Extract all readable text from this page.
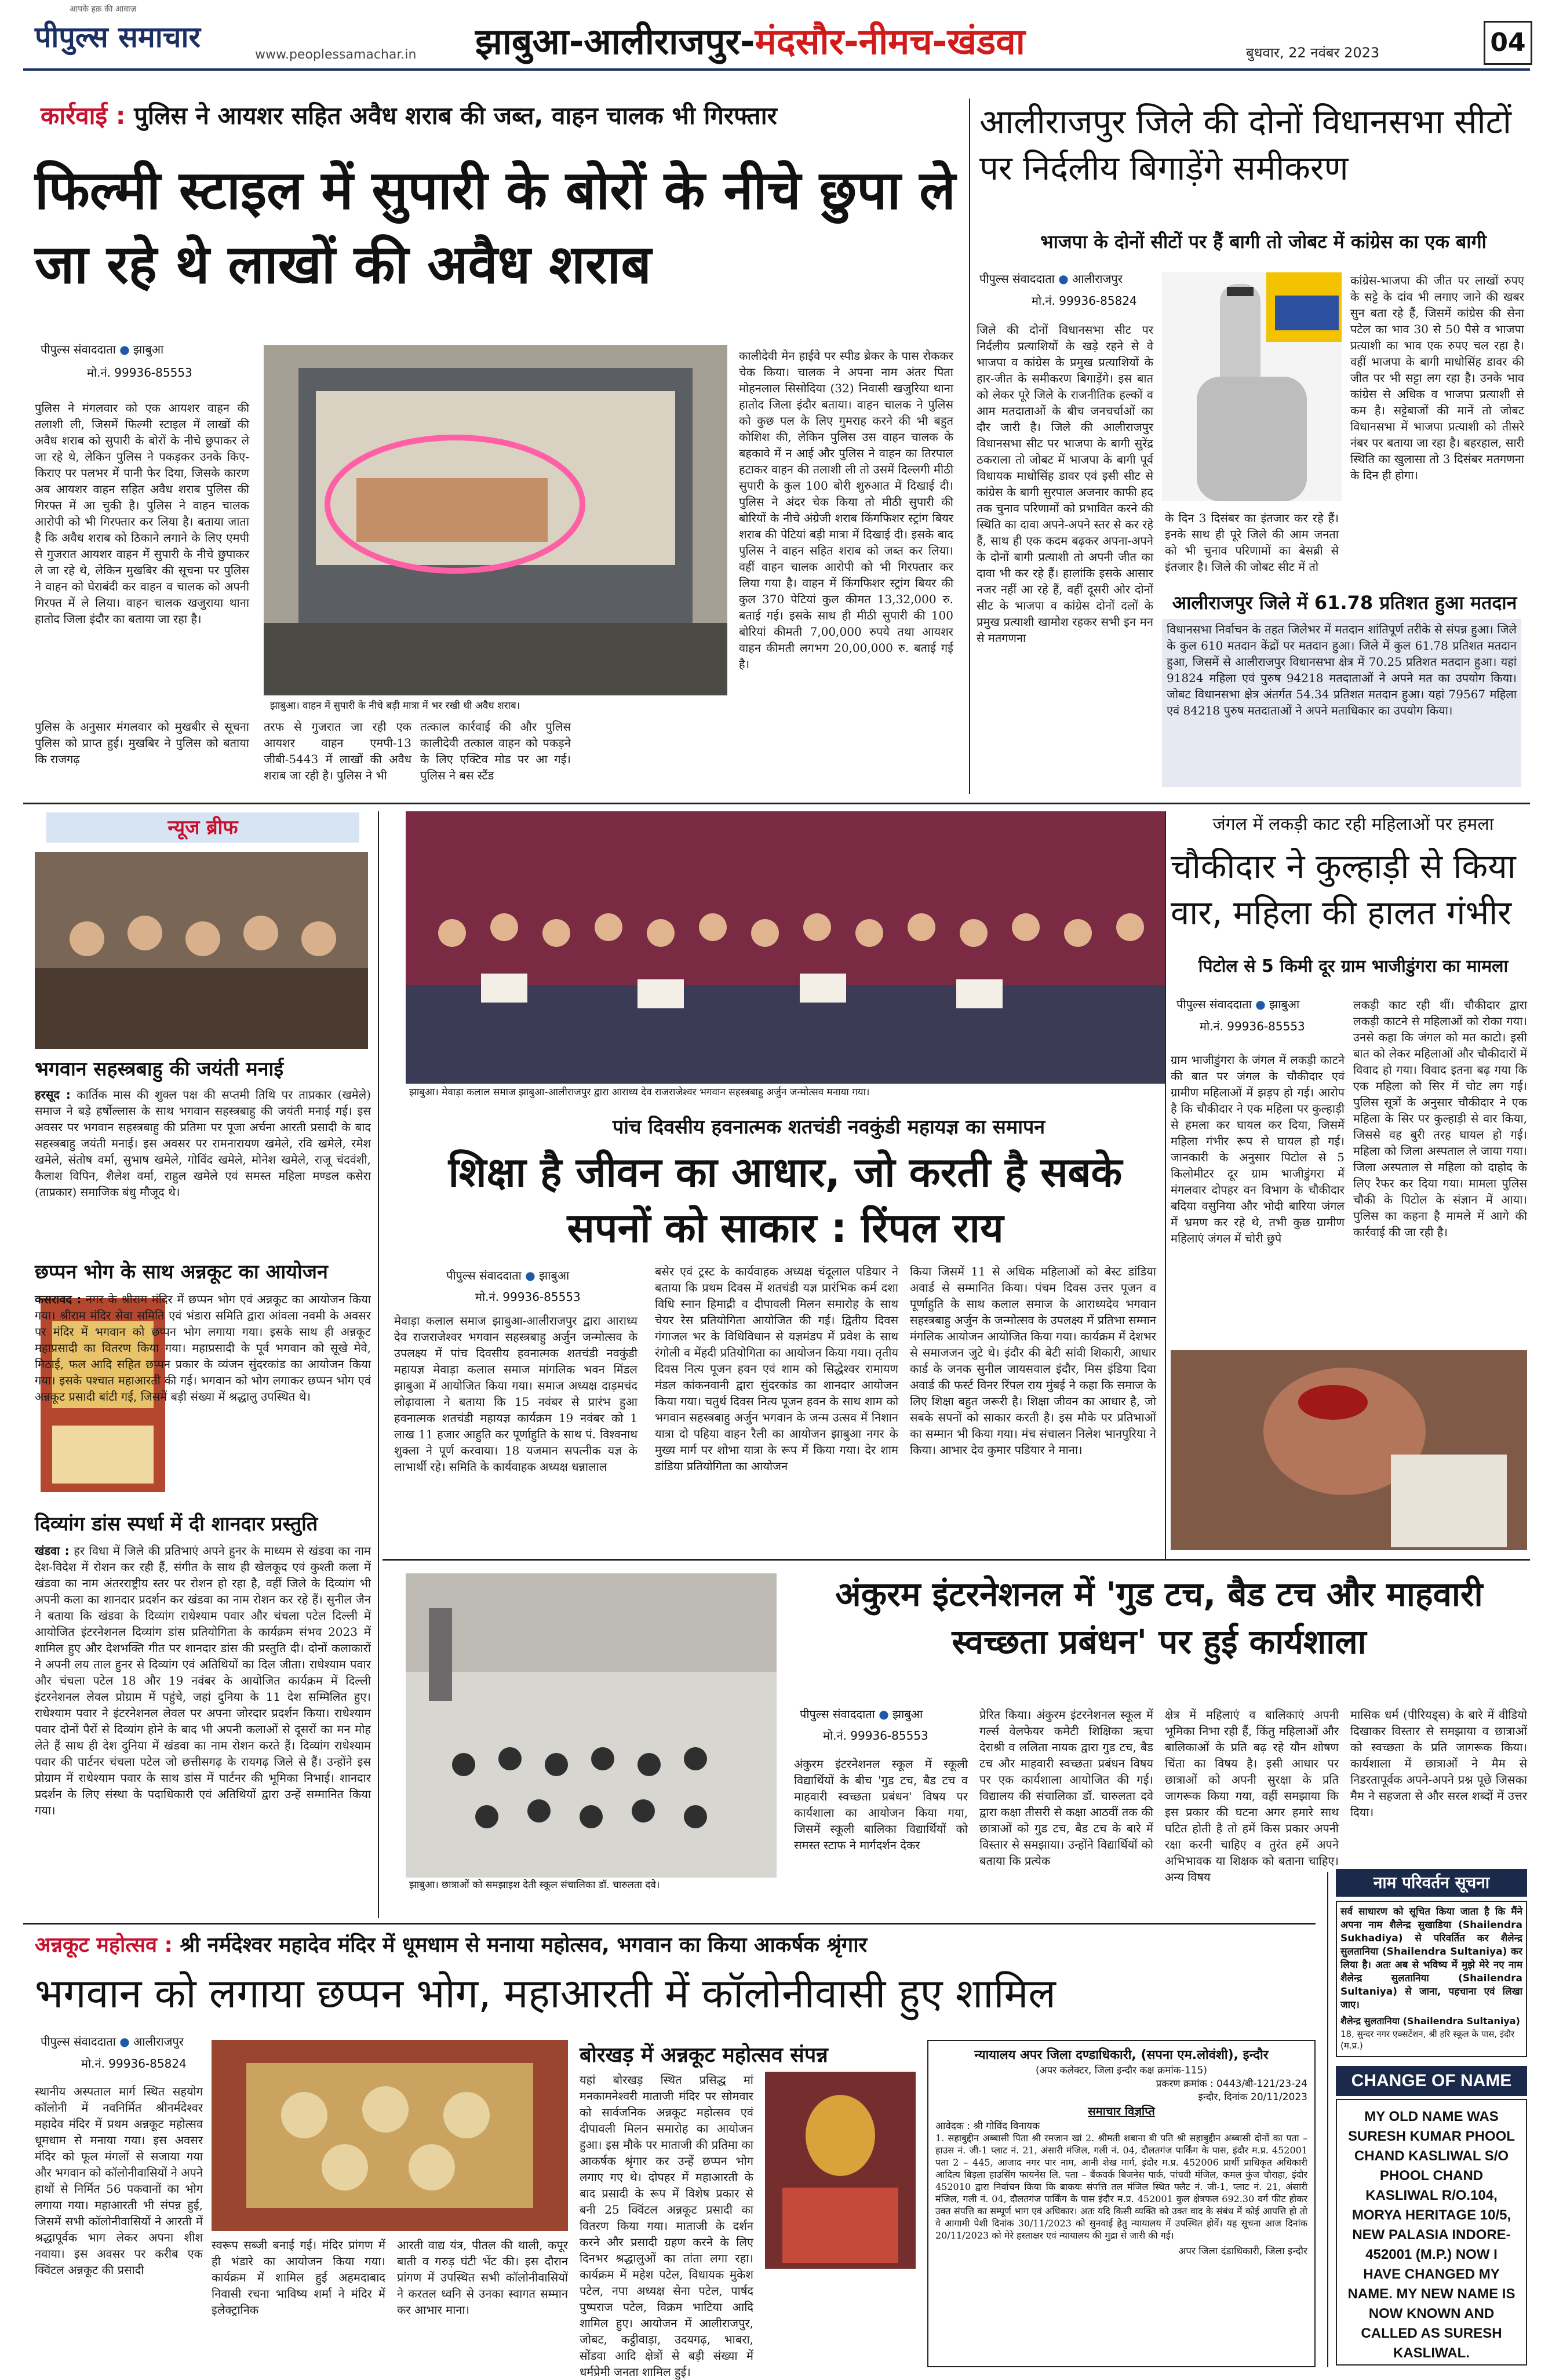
आपके हक़ की आवाज़
पीपुल्स समाचार
www.peoplessamachar.in झाबुआ-आलीराजपुर-मंदसौर-नीमच-खंडवा	बुधवार, 22 नवंबर 2023	04
कार्रवाई : पुलिस ने आयशर सहित अवैध शराब की जब्त, वाहन चालक भी गिरफ्तार
फिल्मी स्टाइल में सुपारी के बोरों के नीचे छुपा ले जा रहे थे लाखों की अवैध शराब
पीपुल्स संवाददाता ● झाबुआ
मो.नं. 99936-85553
पुलिस ने मंगलवार को एक आयशर वाहन की तलाशी ली, जिसमें फिल्मी स्टाइल में लाखों की अवैध शराब को सुपारी के बोरों के नीचे छुपाकर ले जा रहे थे, लेकिन पुलिस ने पकड़कर उनके किए-किराए पर पलभर में पानी फेर दिया, जिसके कारण अब आयशर वाहन सहित अवैध शराब पुलिस की गिरफ्त में आ चुकी है। पुलिस ने वाहन चालक आरोपी को भी गिरफ्तार कर लिया है। बताया जाता है कि अवैध शराब को ठिकाने लगाने के लिए एमपी से गुजरात आयशर वाहन में सुपारी के नीचे छुपाकर ले जा रहे थे, लेकिन मुखबिर की सूचना पर पुलिस ने वाहन को घेराबंदी कर वाहन व चालक को अपनी गिरफ्त में ले लिया। वाहन चालक खजुराया थाना हातोद जिला इंदौर का बताया जा रहा है।
पुलिस के अनुसार मंगलवार को मुखबीर से सूचना पुलिस को प्राप्त हुई। मुखबिर ने पुलिस को बताया कि राजगढ़
झाबुआ। वाहन में सुपारी के नीचे बड़ी मात्रा में भर रखी थी अवैध शराब।
तरफ से गुजरात जा रही एक आयशर वाहन एमपी-13 जीबी-5443 में लाखों की अवैध शराब जा रही है। पुलिस ने भी
तत्काल कार्रवाई की और पुलिस कालीदेवी तत्काल वाहन को पकड़ने के लिए एक्टिव मोड पर आ गई। पुलिस ने बस स्टैंड
कालीदेवी मेन हाईवे पर स्पीड ब्रेकर के पास रोककर चेक किया। चालक ने अपना नाम अंतर पिता मोहनलाल सिसोदिया (32) निवासी खजुरिया थाना हातोद जिला इंदौर बताया। वाहन चालक ने पुलिस को कुछ पल के लिए गुमराह करने की भी बहुत कोशिश की, लेकिन पुलिस उस वाहन चालक के बहकावे में न आई और पुलिस ने वाहन का तिरपाल हटाकर वाहन की तलाशी ली तो उसमें दिल्लगी मीठी सुपारी के कुल 100 बोरी शुरुआत में दिखाई दी। पुलिस ने अंदर चेक किया तो मीठी सुपारी की बोरियों के नीचे अंग्रेजी शराब किंगफिशर स्ट्रांग बियर शराब की पेटियां बड़ी मात्रा में दिखाई दी। इसके बाद पुलिस ने वाहन सहित शराब को जब्त कर लिया। वहीं वाहन चालक आरोपी को भी गिरफ्तार कर लिया गया है। वाहन में किंगफिशर स्ट्रांग बियर की कुल 370 पेटियां कुल कीमत 13,32,000 रु. बताई गई। इसके साथ ही मीठी सुपारी की 100 बोरियां कीमती 7,00,000 रुपये तथा आयशर वाहन कीमती लगभग 20,00,000 रु. बताई गई है।
आलीराजपुर जिले की दोनों विधानसभा सीटों पर निर्दलीय बिगाड़ेंगे समीकरण
भाजपा के दोनों सीटों पर हैं बागी तो जोबट में कांग्रेस का एक बागी
पीपुल्स संवाददाता ● आलीराजपुर
मो.नं. 99936-85824
जिले की दोनों विधानसभा सीट पर निर्दलीय प्रत्याशियों के खड़े रहने से वे भाजपा व कांग्रेस के प्रमुख प्रत्याशियों के हार-जीत के समीकरण बिगाड़ेंगे। इस बात को लेकर पूरे जिले के राजनीतिक हल्कों व आम मतदाताओं के बीच जनचर्चाओं का दौर जारी है। जिले की आलीराजपुर विधानसभा सीट पर भाजपा के बागी सुरेंद्र ठकराला तो जोबट में भाजपा के बागी पूर्व विधायक माधोसिंह डावर एवं इसी सीट से कांग्रेस के बागी सुरपाल अजनार काफी हद तक चुनाव परिणामों को प्रभावित करने की स्थिति का दावा अपने-अपने स्तर से कर रहे हैं, साथ ही एक कदम बढ़कर अपना-अपने के दोनों बागी प्रत्याशी तो अपनी जीत का दावा भी कर रहे हैं। हालांकि इसके आसार नजर नहीं आ रहे हैं, वहीं दूसरी ओर दोनों सीट के भाजपा व कांग्रेस दोनों दलों के प्रमुख प्रत्याशी खामोश रहकर सभी इन मन से मतगणना
के दिन 3 दिसंबर का इंतजार कर रहे हैं। इनके साथ ही पूरे जिले की आम जनता को भी चुनाव परिणामों का बेसब्री से इंतजार है। जिले की जोबट सीट में तो
कांग्रेस-भाजपा की जीत पर लाखों रुपए के सट्टे के दांव भी लगाए जाने की खबर सुन बता रहे हैं, जिसमें कांग्रेस की सेना पटेल का भाव 30 से 50 पैसे व भाजपा प्रत्याशी का भाव एक रुपए चल रहा है। वहीं भाजपा के बागी माधोसिंह डावर की जीत पर भी सट्टा लग रहा है। उनके भाव कांग्रेस से अधिक व भाजपा प्रत्याशी से कम है। सट्टेबाजों की मानें तो जोबट विधानसभा में भाजपा प्रत्याशी को तीसरे नंबर पर बताया जा रहा है। बहरहाल, सारी स्थिति का खुलासा तो 3 दिसंबर मतगणना के दिन ही होगा।
आलीराजपुर जिले में 61.78 प्रतिशत हुआ मतदान
विधानसभा निर्वाचन के तहत जिलेभर में मतदान शांतिपूर्ण तरीके से संपन्न हुआ। जिले के कुल 610 मतदान केंद्रों पर मतदान हुआ। जिले में कुल 61.78 प्रतिशत मतदान हुआ, जिसमें से आलीराजपुर विधानसभा क्षेत्र में 70.25 प्रतिशत मतदान हुआ। यहां 91824 महिला एवं पुरुष 94218 मतदाताओं ने अपने मत का उपयोग किया। जोबट विधानसभा क्षेत्र अंतर्गत 54.34 प्रतिशत मतदान हुआ। यहां 79567 महिला एवं 84218 पुरुष मतदाताओं ने अपने मताधिकार का उपयोग किया।
न्यूज ब्रीफ
भगवान सहस्त्रबाहु की जयंती मनाई
हरसूद : कार्तिक मास की शुक्ल पक्ष की सप्तमी तिथि पर ताप्रकार (खमेले) समाज ने बड़े हर्षोल्लास के साथ भगवान सहस्त्रबाहु की जयंती मनाई गई। इस अवसर पर भगवान सहस्त्रबाहु की प्रतिमा पर पूजा अर्चना आरती प्रसादी के बाद सहस्त्रबाहु जयंती मनाई। इस अवसर पर रामनारायण खमेले, रवि खमेले, रमेश खमेले, संतोष वर्मा, सुभाष खमेले, गोविंद खमेले, मोनेश खमेले, राजू चंदवंशी, कैलाश विपिन, शैलेश वर्मा, राहुल खमेले एवं समस्त महिला मण्डल कसेरा (ताप्रकार) समाजिक बंधु मौजूद थे।
छप्पन भोग के साथ अन्नकूट का आयोजन
कसरावद : नगर के श्रीराम मंदिर में छप्पन भोग एवं अन्नकूट का आयोजन किया गया। श्रीराम मंदिर सेवा समिति एवं भंडारा समिति द्वारा आंवला नवमी के अवसर पर मंदिर में भगवान को छप्पन भोग लगाया गया। इसके साथ ही अन्नकूट महाप्रसादी का वितरण किया गया। महाप्रसादी के पूर्व भगवान को सूखे मेवे, मिठाई, फल आदि सहित छप्पन प्रकार के व्यंजन सुंदरकांड का आयोजन किया गया। इसके पश्चात महाआरती की गई। भगवान को भोग लगाकर छप्पन भोग एवं अन्नकूट प्रसादी बांटी गई, जिसमें बड़ी संख्या में श्रद्धालु उपस्थित थे।
दिव्यांग डांस स्पर्धा में दी शानदार प्रस्तुति
खंडवा : हर विधा में जिले की प्रतिभाएं अपने हुनर के माध्यम से खंडवा का नाम देश-विदेश में रोशन कर रही हैं, संगीत के साथ ही खेलकूद एवं कुश्ती कला में खंडवा का नाम अंतरराष्ट्रीय स्तर पर रोशन हो रहा है, वहीं जिले के दिव्यांग भी अपनी कला का शानदार प्रदर्शन कर खंडवा का नाम रोशन कर रहे हैं। सुनील जैन ने बताया कि खंडवा के दिव्यांग राधेश्याम पवार और चंचला पटेल दिल्ली में आयोजित इंटरनेशनल दिव्यांग डांस प्रतियोगिता के कार्यक्रम संभव 2023 में शामिल हुए और देशभक्ति गीत पर शानदार डांस की प्रस्तुति दी। दोनों कलाकारों ने अपनी लय ताल हुनर से दिव्यांग एवं अतिथियों का दिल जीता। राधेश्याम पवार और चंचला पटेल 18 और 19 नवंबर के आयोजित कार्यक्रम में दिल्ली इंटरनेशनल लेवल प्रोग्राम में पहुंचे, जहां दुनिया के 11 देश सम्मिलित हुए। राधेश्याम पवार ने इंटरनेशनल लेवल पर अपना जोरदार प्रदर्शन किया। राधेश्याम पवार दोनों पैरों से दिव्यांग होने के बाद भी अपनी कलाओं से दूसरों का मन मोह लेते हैं साथ ही देश दुनिया में खंडवा का नाम रोशन करते हैं। दिव्यांग राधेश्याम पवार की पार्टनर चंचला पटेल जो छत्तीसगढ़ के रायगढ़ जिले से हैं। उन्होंने इस प्रोग्राम में राधेश्याम पवार के साथ डांस में पार्टनर की भूमिका निभाई। शानदार प्रदर्शन के लिए संस्था के पदाधिकारी एवं अतिथियों द्वारा उन्हें सम्मानित किया गया।
झाबुआ। मेवाड़ा कलाल समाज झाबुआ-आलीराजपुर द्वारा आराध्य देव राजराजेश्वर भगवान सहस्त्रबाहु अर्जुन जन्मोत्सव मनाया गया।
पांच दिवसीय हवनात्मक शतचंडी नवकुंडी महायज्ञ का समापन
शिक्षा है जीवन का आधार, जो करती है सबके सपनों को साकार : रिंपल राय
पीपुल्स संवाददाता ● झाबुआ
मो.नं. 99936-85553
मेवाड़ा कलाल समाज झाबुआ-आलीराजपुर द्वारा आराध्य देव राजराजेश्वर भगवान सहस्त्रबाहु अर्जुन जन्मोत्सव के उपलक्ष्य में पांच दिवसीय हवनात्मक शतचंडी नवकुंडी महायज्ञ मेवाड़ा कलाल समाज मांगलिक भवन मिंडल झाबुआ में आयोजित किया गया। समाज अध्यक्ष दाड़मचंद लोढ़ावाला ने बताया कि 15 नवंबर से प्रारंभ हुआ हवनात्मक शतचंडी महायज्ञ कार्यक्रम 19 नवंबर को 1 लाख 11 हजार आहुति कर पूर्णाहुति के साथ पं. विश्वनाथ शुक्ला ने पूर्ण करवाया। 18 यजमान सपत्नीक यज्ञ के लाभार्थी रहे। समिति के कार्यवाहक अध्यक्ष धन्नालाल
बसेर एवं ट्रस्ट के कार्यवाहक अध्यक्ष चंदूलाल पडियार ने बताया कि प्रथम दिवस में शतचंडी यज्ञ प्रारंभिक कर्म दशा विधि स्नान हिमाद्री व दीपावली मिलन समारोह के साथ चेयर रेस प्रतियोगिता आयोजित की गई। द्वितीय दिवस गंगाजल भर के विधिविधान से यज्ञमंडप में प्रवेश के साथ रंगोली व मेंहदी प्रतियोगिता का आयोजन किया गया। तृतीय दिवस नित्य पूजन हवन एवं शाम को सिद्धेश्वर रामायण मंडल कांकनवानी द्वारा सुंदरकांड का शानदार आयोजन किया गया। चतुर्थ दिवस नित्य पूजन हवन के साथ शाम को भगवान सहस्त्रबाहु अर्जुन भगवान के जन्म उत्सव में निशान यात्रा दो पहिया वाहन रैली का आयोजन झाबुआ नगर के मुख्य मार्ग पर शोभा यात्रा के रूप में किया गया। देर शाम डांडिया प्रतियोगिता का आयोजन
किया जिसमें 11 से अधिक महिलाओं को बेस्ट डांडिया अवार्ड से सम्मानित किया। पंचम दिवस उत्तर पूजन व पूर्णाहुति के साथ कलाल समाज के आराध्यदेव भगवान सहस्त्रबाहु अर्जुन के जन्मोत्सव के उपलक्ष्य में प्रतिभा सम्मान मंगलिक आयोजन आयोजित किया गया। कार्यक्रम में देशभर से समाजजन जुटे थे। इंदौर की बेटी सांवी शिकारी, आधार कार्ड के जनक सुनील जायसवाल इंदौर, मिस इंडिया दिवा अवार्ड की फर्स्ट विनर रिंपल राय मुंबई ने कहा कि समाज के लिए शिक्षा बहुत जरूरी है। शिक्षा जीवन का आधार है, जो सबके सपनों को साकार करती है। इस मौके पर प्रतिभाओं का सम्मान भी किया गया। मंच संचालन निलेश भानपुरिया ने किया। आभार देव कुमार पडियार ने माना।
जंगल में लकड़ी काट रही महिलाओं पर हमला
चौकीदार ने कुल्हाड़ी से किया वार, महिला की हालत गंभीर
पिटोल से 5 किमी दूर ग्राम भाजीडुंगरा का मामला
पीपुल्स संवाददाता ● झाबुआ
मो.नं. 99936-85553
ग्राम भाजीडुंगरा के जंगल में लकड़ी काटने की बात पर जंगल के चौकीदार एवं ग्रामीण महिलाओं में झड़प हो गई। आरोप है कि चौकीदार ने एक महिला पर कुल्हाड़ी से हमला कर घायल कर दिया, जिसमें महिला गंभीर रूप से घायल हो गई। जानकारी के अनुसार पिटोल से 5 किलोमीटर दूर ग्राम भाजीडुंगरा में मंगलवार दोपहर वन विभाग के चौकीदार बदिया वसुनिया और भोदी बारिया जंगल में भ्रमण कर रहे थे, तभी कुछ ग्रामीण महिलाएं जंगल में चोरी छुपे
लकड़ी काट रही थीं। चौकीदार द्वारा लकड़ी काटने से महिलाओं को रोका गया। उनसे कहा कि जंगल को मत काटो। इसी बात को लेकर महिलाओं और चौकीदारों में विवाद हो गया। विवाद इतना बढ़ गया कि एक महिला को सिर में चोट लग गई। पुलिस सूत्रों के अनुसार चौकीदार ने एक महिला के सिर पर कुल्हाड़ी से वार किया, जिससे वह बुरी तरह घायल हो गई। महिला को जिला अस्पताल ले जाया गया। जिला अस्पताल से महिला को दाहोद के लिए रैफर कर दिया गया। मामला पुलिस चौकी के पिटोल के संज्ञान में आया। पुलिस का कहना है मामले में आगे की कार्रवाई की जा रही है।
झाबुआ। छात्राओं को समझाइश देती स्कूल संचालिका डॉ. चारुलता दवे।
अंकुरम इंटरनेशनल में 'गुड टच, बैड टच और माहवारी स्वच्छता प्रबंधन' पर हुई कार्यशाला
पीपुल्स संवाददाता ● झाबुआ
मो.नं. 99936-85553
अंकुरम इंटरनेशनल स्कूल में स्कूली विद्यार्थियों के बीच 'गुड टच, बैड टच व माहवारी स्वच्छता प्रबंधन' विषय पर कार्यशाला का आयोजन किया गया, जिसमें स्कूली बालिका विद्यार्थियों को समस्त स्टाफ ने मार्गदर्शन देकर
प्रेरित किया। अंकुरम इंटरनेशनल स्कूल में गर्ल्स वेलफेयर कमेटी शिक्षिका ऋचा देराश्री व ललिता नायक द्वारा गुड टच, बैड टच और माहवारी स्वच्छता प्रबंधन विषय पर एक कार्यशाला आयोजित की गई। विद्यालय की संचालिका डॉ. चारुलता दवे द्वारा कक्षा तीसरी से कक्षा आठवीं तक की छात्राओं को गुड टच, बैड टच के बारे में विस्तार से समझाया। उन्होंने विद्यार्थियों को बताया कि प्रत्येक
क्षेत्र में महिलाएं व बालिकाएं अपनी भूमिका निभा रही हैं, किंतु महिलाओं और बालिकाओं के प्रति बढ़ रहे यौन शोषण चिंता का विषय है। इसी आधार पर छात्राओं को अपनी सुरक्षा के प्रति जागरूक किया गया, वहीं समझाया कि इस प्रकार की घटना अगर हमारे साथ घटित होती है तो हमें किस प्रकार अपनी रक्षा करनी चाहिए व तुरंत हमें अपने अभिभावक या शिक्षक को बताना चाहिए। अन्य विषय
मासिक धर्म (पीरियड्स) के बारे में वीडियो दिखाकर विस्तार से समझाया व छात्राओं को स्वच्छता के प्रति जागरूक किया। कार्यशाला में छात्राओं ने मैम से निडरतापूर्वक अपने-अपने प्रश्न पूछे जिसका मैम ने सहजता से और सरल शब्दों में उत्तर दिया।
अन्नकूट महोत्सव : श्री नर्मदेश्वर महादेव मंदिर में धूमधाम से मनाया महोत्सव, भगवान का किया आकर्षक श्रृंगार
भगवान को लगाया छप्पन भोग, महाआरती में कॉलोनीवासी हुए शामिल
पीपुल्स संवाददाता ● आलीराजपुर
मो.नं. 99936-85824
स्थानीय अस्पताल मार्ग स्थित सहयोग कॉलोनी में नवनिर्मित श्रीनर्मदेश्वर महादेव मंदिर में प्रथम अन्नकूट महोत्सव धूमधाम से मनाया गया। इस अवसर मंदिर को फूल मंगलों से सजाया गया और भगवान को कॉलोनीवासियों ने अपने हाथों से निर्मित 56 पकवानों का भोग लगाया गया। महाआरती भी संपन्न हुई, जिसमें सभी कॉलोनीवासियों ने आरती में श्रद्धापूर्वक भाग लेकर अपना शीश नवाया। इस अवसर पर करीब एक क्विंटल अन्नकूट की प्रसादी
स्वरूप सब्जी बनाई गई। मंदिर प्रांगण में ही भंडारे का आयोजन किया गया। कार्यक्रम में शामिल हुई अहमदाबाद निवासी रचना भाविष्य शर्मा ने मंदिर में इलेक्ट्रानिक
आरती वाद्य यंत्र, पीतल की थाली, कपूर बाती व गरुड़ घंटी भेंट की। इस दौरान प्रांगण में उपस्थित सभी कॉलोनीवासियों ने करतल ध्वनि से उनका स्वागत सम्मान कर आभार माना।
बोरखड़ में अन्नकूट महोत्सव संपन्न
यहां बोरखड़ स्थित प्रसिद्ध मां मनकामनेश्वरी माताजी मंदिर पर सोमवार को सार्वजनिक अन्नकूट महोत्सव एवं दीपावली मिलन समारोह का आयोजन हुआ। इस मौके पर माताजी की प्रतिमा का आकर्षक श्रृंगार कर उन्हें छप्पन भोग लगाए गए थे। दोपहर में महाआरती के बाद प्रसादी के रूप में विशेष प्रकार से बनी 25 क्विंटल अन्नकूट प्रसादी का वितरण किया गया। माताजी के दर्शन करने और प्रसादी ग्रहण करने के लिए दिनभर श्रद्धालुओं का तांता लगा रहा। कार्यक्रम में महेश पटेल, विधायक मुकेश पटेल, नपा अध्यक्ष सेना पटेल, पार्षद पुष्पराज पटेल, विक्रम भाटिया आदि शामिल हुए। आयोजन में आलीराजपुर, जोबट, कट्ठीवाड़ा, उदयगढ़, भाबरा, सोंडवा आदि क्षेत्रों से बड़ी संख्या में धर्मप्रेमी जनता शामिल हुई।
न्यायालय अपर जिला दण्डाधिकारी, (सपना एम.लोवंशी), इन्दौर
(अपर कलेक्टर, जिला इन्दौर कक्ष क्रमांक-115)
प्रकरण क्रमांक : 0443/बी-121/23-24
इन्दौर, दिनांक 20/11/2023
समाचार विज्ञप्ति
आवेदक : श्री गोविंद विनायक
1. सहाबुद्दीन अब्बासी पिता श्री रमजान खां 2. श्रीमती शबाना बी पति श्री सहाबुद्दीन अब्बासी दोनों का पता – हाउस नं. जी-1 प्लाट नं. 21, अंसारी मंजिल, गली नं. 04, दौलतगंज पार्किंग के पास, इंदौर म.प्र. 452001 पता 2 – 445, आजाद नगर पार नाम, आनी शेख मार्ग, इंदौर म.प्र. 452006 प्रार्थी प्राधिकृत अधिकारी आदित्य बिड़ला हाउसिंग फायनेंस लि. पता – बैंकवर्क बिजनेस पार्क, पांचवी मंजिल, कमल कुंज चौराहा, इंदौर 452010 द्वारा निर्वाचन किया कि बाकयः संपत्ति तल मंजिल स्थित फ्लैट नं. जी-1, प्लाट नं. 21, अंसारी मंजिल, गली नं. 04, दौलतगंज पार्किंग के पास इंदौर म.प्र. 452001 कुल क्षेत्रफल 692.30 वर्ग फीट होकर उक्त संपत्ति का सम्पूर्ण भाग एवं अधिकार। अतः यदि किसी व्यक्ति को उक्त वाद के संबंध में कोई आपत्ति हो तो वे आगामी पेशी दिनांक 30/11/2023 को सुनवाई हेतु न्यायालय में उपस्थित होवें। यह सूचना आज दिनांक 20/11/2023 को मेरे हस्ताक्षर एवं न्यायालय की मुद्रा से जारी की गई।
अपर जिला दंडाधिकारी, जिला इन्दौर
नाम परिवर्तन सूचना
सर्व साधारण को सूचित किया जाता है कि मैंने अपना नाम शैलेन्द्र सुखाडिया (Shailendra Sukhadiya) से परिवर्तित कर शैलेन्द्र सुलतानिया (Shailendra Sultaniya) कर लिया है। अतः अब से भविष्य में मुझे मेरे नए नाम शैलेन्द्र सुलतानिया (Shailendra Sultaniya) से जाना, पहचाना एवं लिखा जाए।
शैलेन्द्र सुलतानिया (Shailendra Sultaniya)
18, सुन्दर नगर एक्सटेंशन, श्री हरि स्कूल के पास, इंदौर (म.प्र.)
CHANGE OF NAME
MY OLD NAME WAS SURESH KUMAR PHOOL CHAND KASLIWAL S/O PHOOL CHAND KASLIWAL R/O.104, MORYA HERITAGE 10/5, NEW PALASIA INDORE-452001 (M.P.) NOW I HAVE CHANGED MY NAME. MY NEW NAME IS NOW KNOWN AND CALLED AS SURESH KASLIWAL.
